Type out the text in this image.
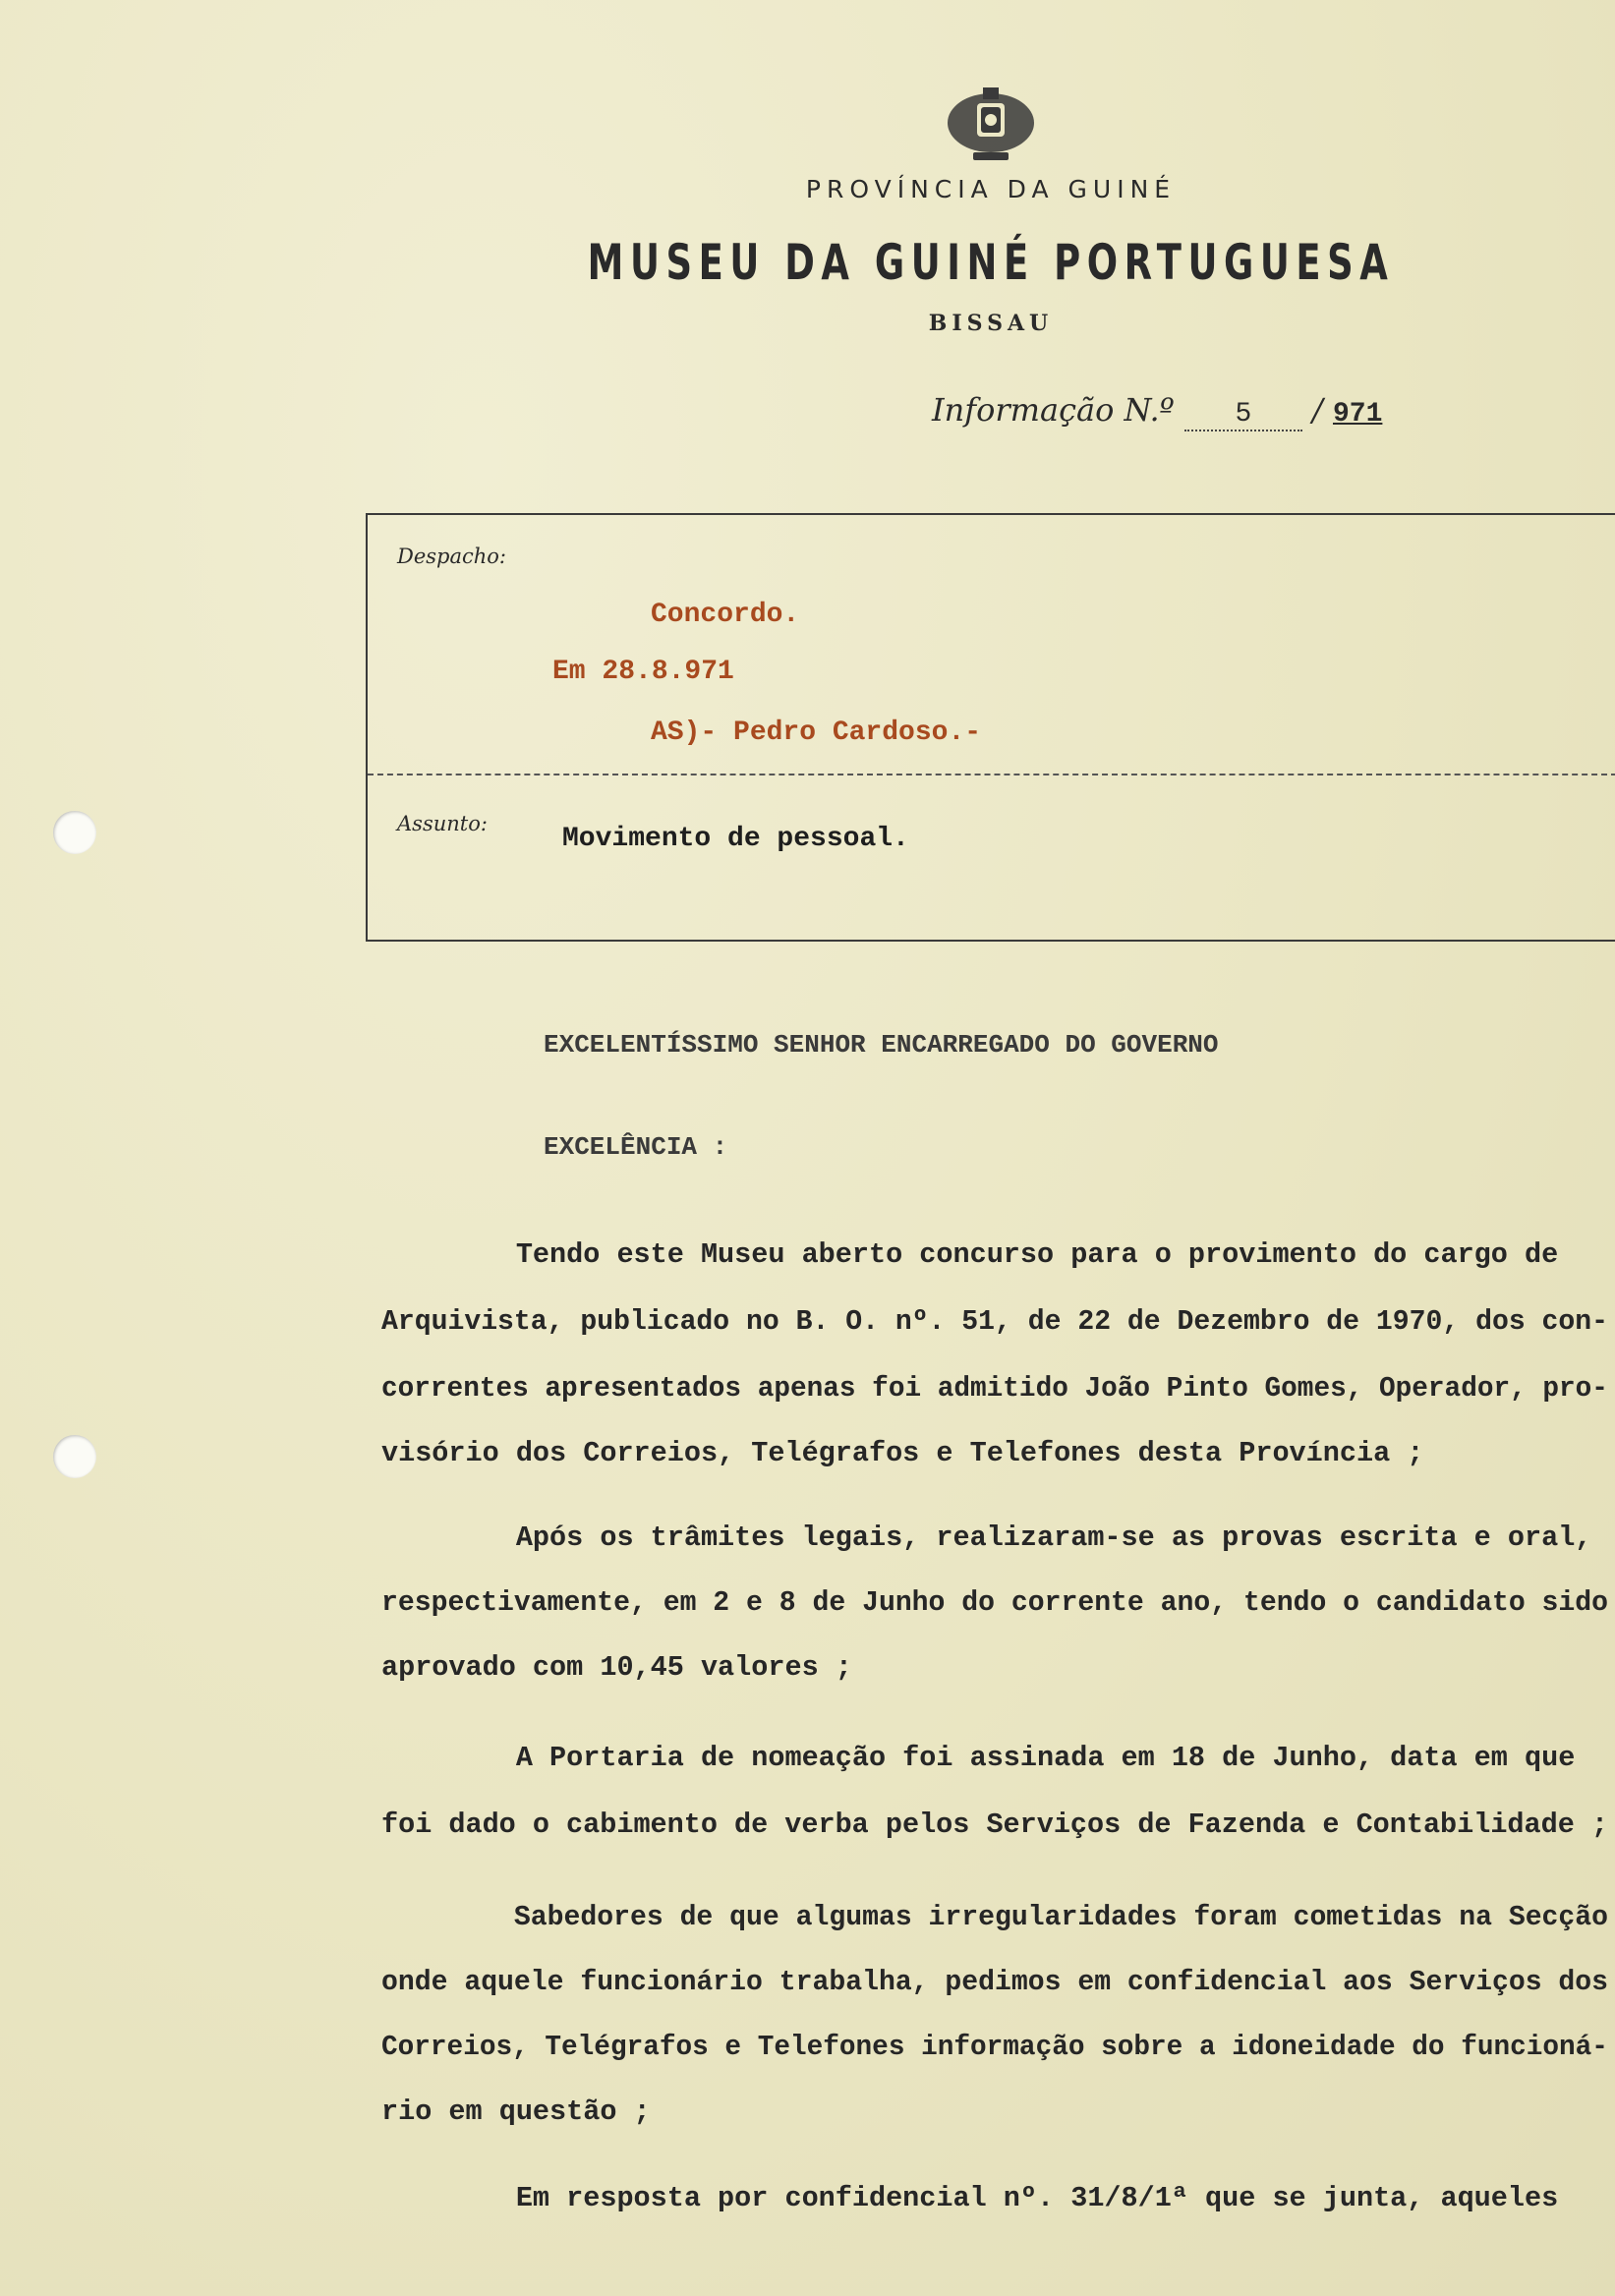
PROVÍNCIA DA GUINÉ
MUSEU DA GUINÉ PORTUGUESA
BISSAU
Informação N.º 5 / 971
Despacho:
Concordo.
Em 28.8.971
AS)- Pedro Cardoso.-
Assunto:	Movimento de pessoal.
EXCELENTÍSSIMO SENHOR ENCARREGADO DO GOVERNO
EXCELÊNCIA :
Tendo este Museu aberto concurso para o provimento do cargo de
Arquivista, publicado no B. O. nº. 51, de 22 de Dezembro de 1970, dos con-
correntes apresentados apenas foi admitido João Pinto Gomes, Operador, pro-
visório dos Correios, Telégrafos e Telefones desta Província ;
Após os trâmites legais, realizaram-se as provas escrita e oral,
respectivamente, em 2 e 8 de Junho do corrente ano, tendo o candidato sido
aprovado com 10,45 valores ;
A Portaria de nomeação foi assinada em 18 de Junho, data em que
foi dado o cabimento de verba pelos Serviços de Fazenda e Contabilidade ;
Sabedores de que algumas irregularidades foram cometidas na Secção
onde aquele funcionário trabalha, pedimos em confidencial aos Serviços dos
Correios, Telégrafos e Telefones informação sobre a idoneidade do funcioná-
rio em questão ;
Em resposta por confidencial nº. 31/8/1ª que se junta, aqueles
